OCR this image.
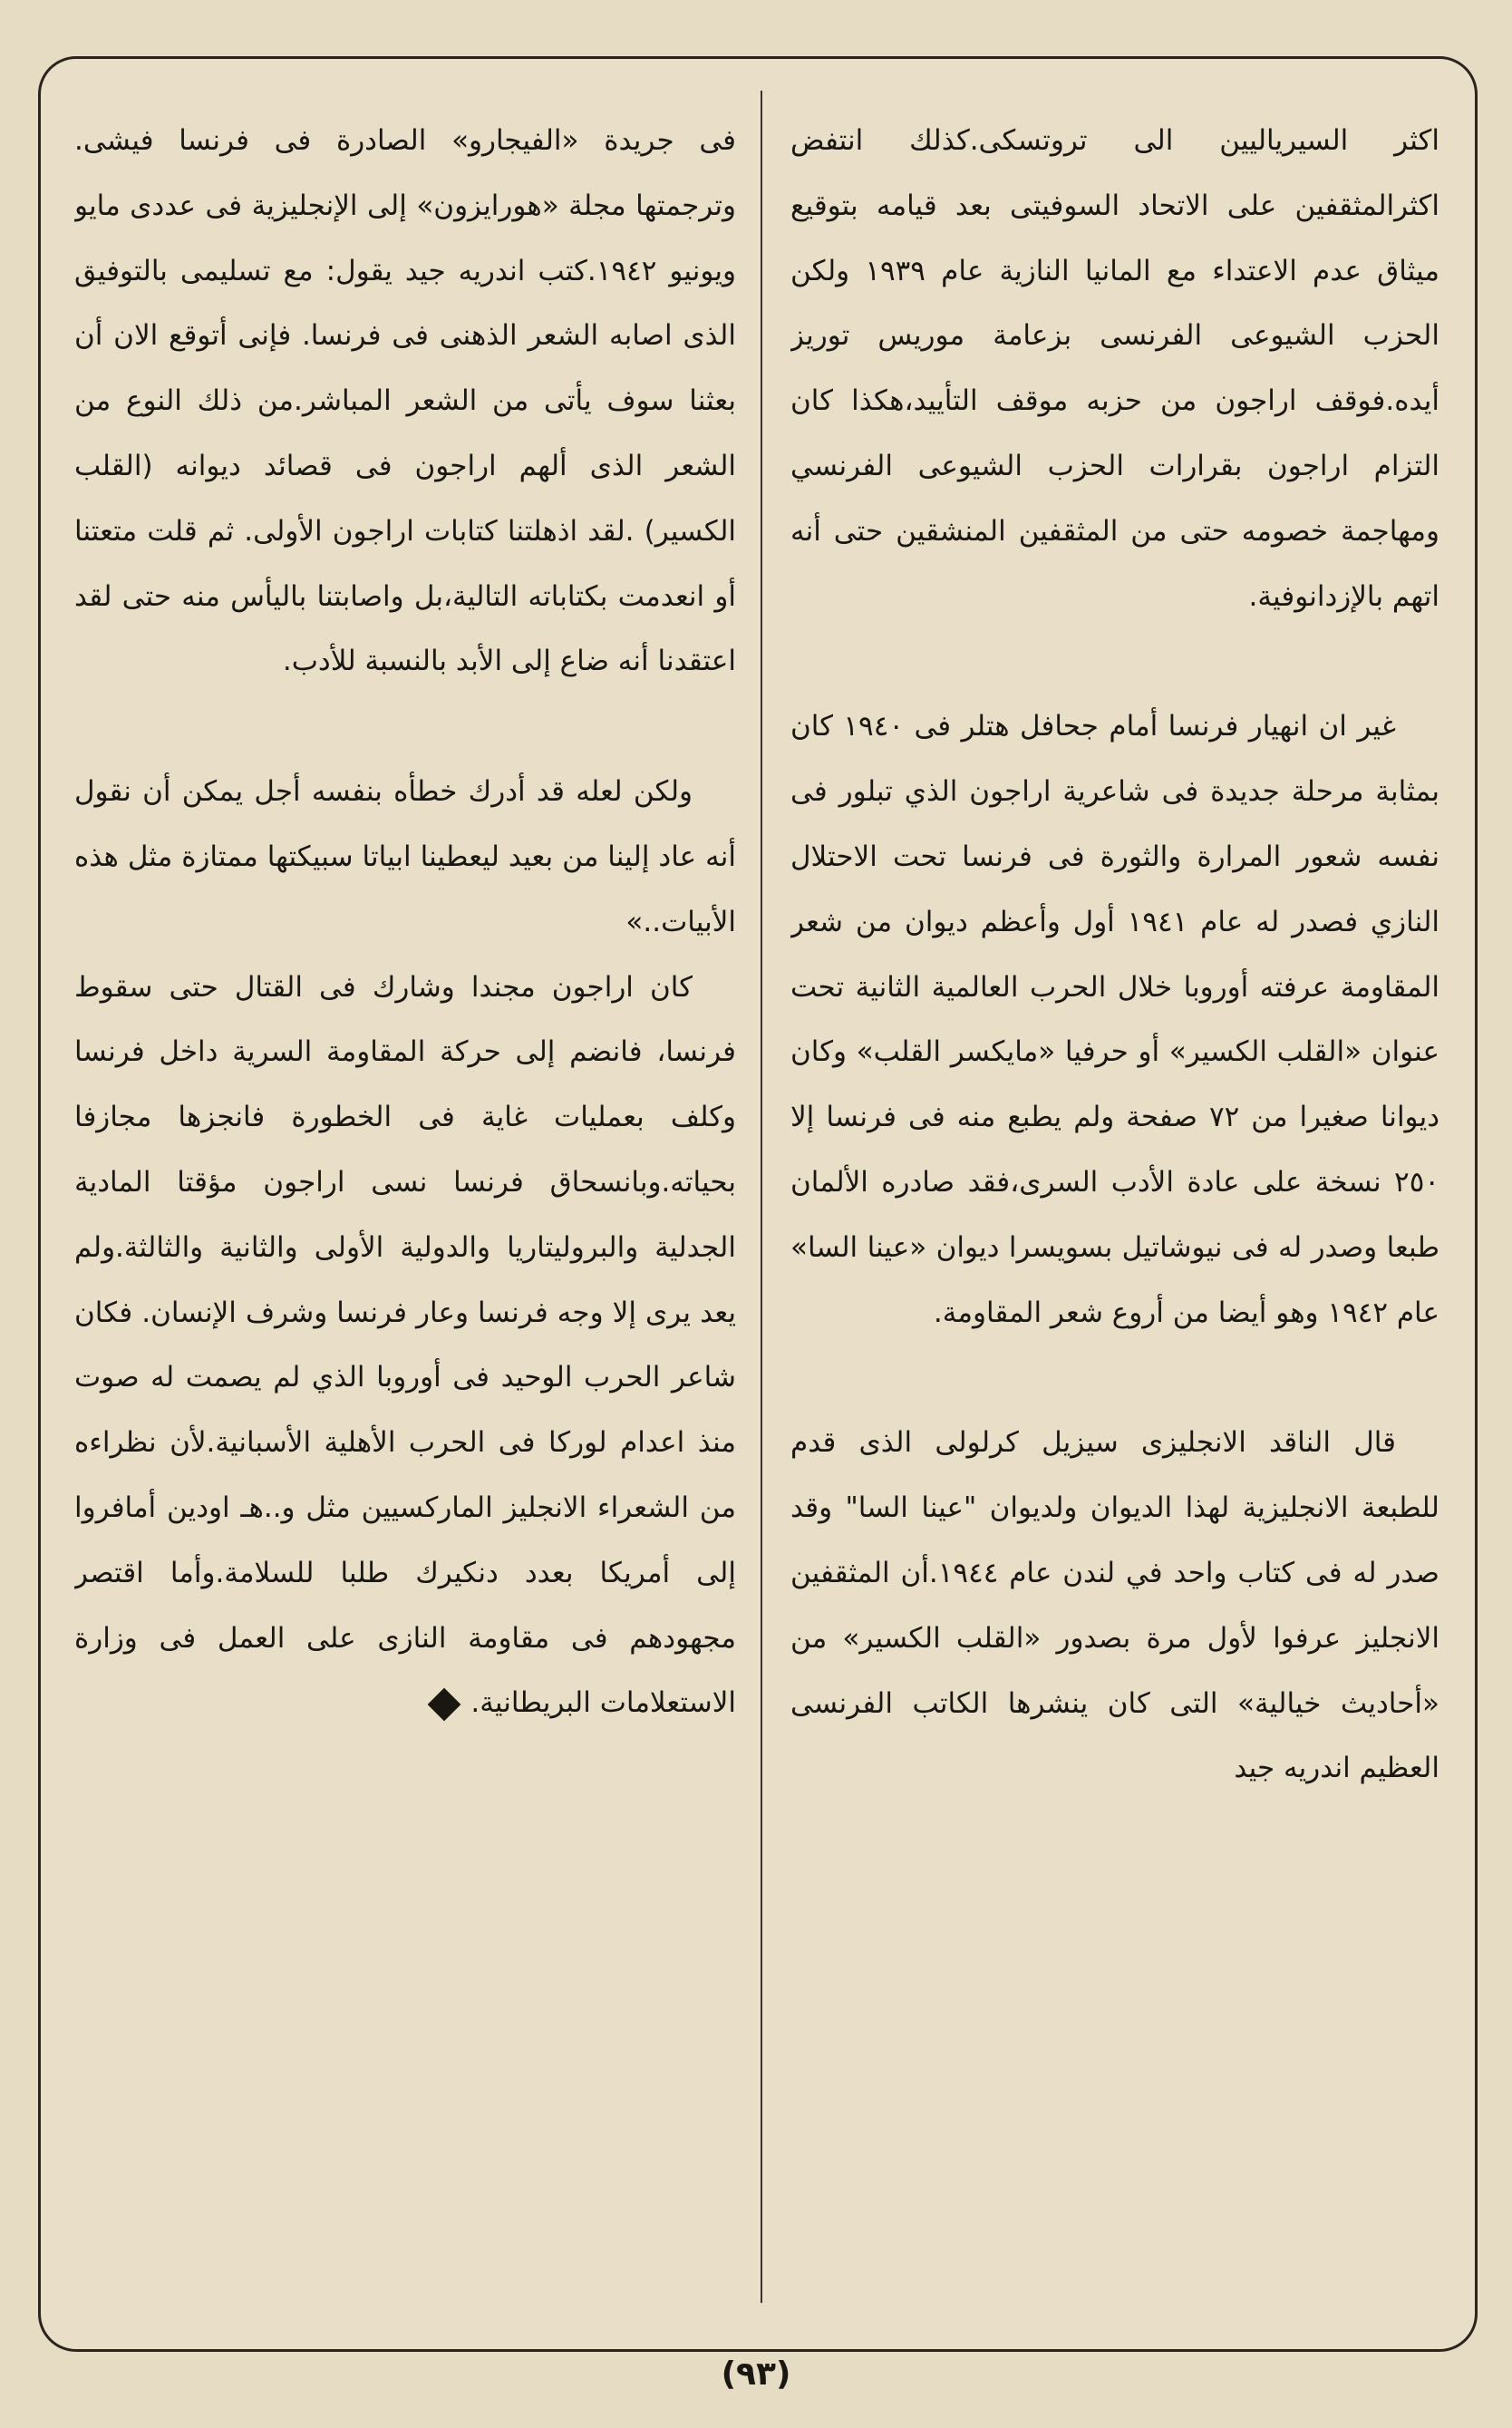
اكثر السيرياليين الى تروتسكى.كذلك انتفض اكثرالمثقفين على الاتحاد السوفيتى بعد قيامه بتوقيع ميثاق عدم الاعتداء مع المانيا النازية عام ١٩٣٩ ولكن الحزب الشيوعى الفرنسى بزعامة موريس توريز أيده.فوقف اراجون من حزبه موقف التأييد،هكذا كان التزام اراجون بقرارات الحزب الشيوعى الفرنسي ومهاجمة خصومه حتى من المثقفين المنشقين حتى أنه اتهم بالإزدانوفية.

غير ان انهيار فرنسا أمام جحافل هتلر فى ١٩٤٠ كان بمثابة مرحلة جديدة فى شاعرية اراجون الذي تبلور فى نفسه شعور المرارة والثورة فى فرنسا تحت الاحتلال النازي فصدر له عام ١٩٤١ أول وأعظم ديوان من شعر المقاومة عرفته أوروبا خلال الحرب العالمية الثانية تحت عنوان «القلب الكسير» أو حرفيا «مايكسر القلب» وكان ديوانا صغيرا من ٧٢ صفحة ولم يطبع منه فى فرنسا إلا ٢٥٠ نسخة على عادة الأدب السرى،فقد صادره الألمان طبعا وصدر له فى نيوشاتيل بسويسرا ديوان «عينا السا» عام ١٩٤٢ وهو أيضا من أروع شعر المقاومة.

قال الناقد الانجليزى سيزيل كرلولى الذى قدم للطبعة الانجليزية لهذا الديوان ولديوان "عينا السا" وقد صدر له فى كتاب واحد في لندن عام ١٩٤٤.أن المثقفين الانجليز عرفوا لأول مرة بصدور «القلب الكسير» من «أحاديث خيالية» التى كان ينشرها الكاتب الفرنسى العظيم اندريه جيد

فى جريدة «الفيجارو» الصادرة فى فرنسا فيشى. وترجمتها مجلة «هورايزون» إلى الإنجليزية فى عددى مايو ويونيو ١٩٤٢.كتب اندريه جيد يقول: مع تسليمى بالتوفيق الذى اصابه الشعر الذهنى فى فرنسا. فإنى أتوقع الان أن بعثنا سوف يأتى من الشعر المباشر.من ذلك النوع من الشعر الذى ألهم اراجون فى قصائد ديوانه (القلب الكسير) .لقد اذهلتنا كتابات اراجون الأولى. ثم قلت متعتنا أو انعدمت بكتاباته التالية،بل واصابتنا باليأس منه حتى لقد اعتقدنا أنه ضاع إلى الأبد بالنسبة للأدب.

ولكن لعله قد أدرك خطأه بنفسه أجل يمكن أن نقول أنه عاد إلينا من بعيد ليعطينا ابياتا سبيكتها ممتازة مثل هذه الأبيات..»

كان اراجون مجندا وشارك فى القتال حتى سقوط فرنسا، فانضم إلى حركة المقاومة السرية داخل فرنسا وكلف بعمليات غاية فى الخطورة فانجزها مجازفا بحياته.وبانسحاق فرنسا نسى اراجون مؤقتا المادية الجدلية والبروليتاريا والدولية الأولى والثانية والثالثة.ولم يعد يرى إلا وجه فرنسا وعار فرنسا وشرف الإنسان. فكان شاعر الحرب الوحيد فى أوروبا الذي لم يصمت له صوت منذ اعدام لوركا فى الحرب الأهلية الأسبانية.لأن نظراءه من الشعراء الانجليز الماركسيين مثل و..هـ اودين أمافروا إلى أمريكا بعدد دنكيرك طلبا للسلامة.وأما اقتصر مجهودهم فى مقاومة النازى على العمل فى وزارة الاستعلامات البريطانية.

(٩٣)
